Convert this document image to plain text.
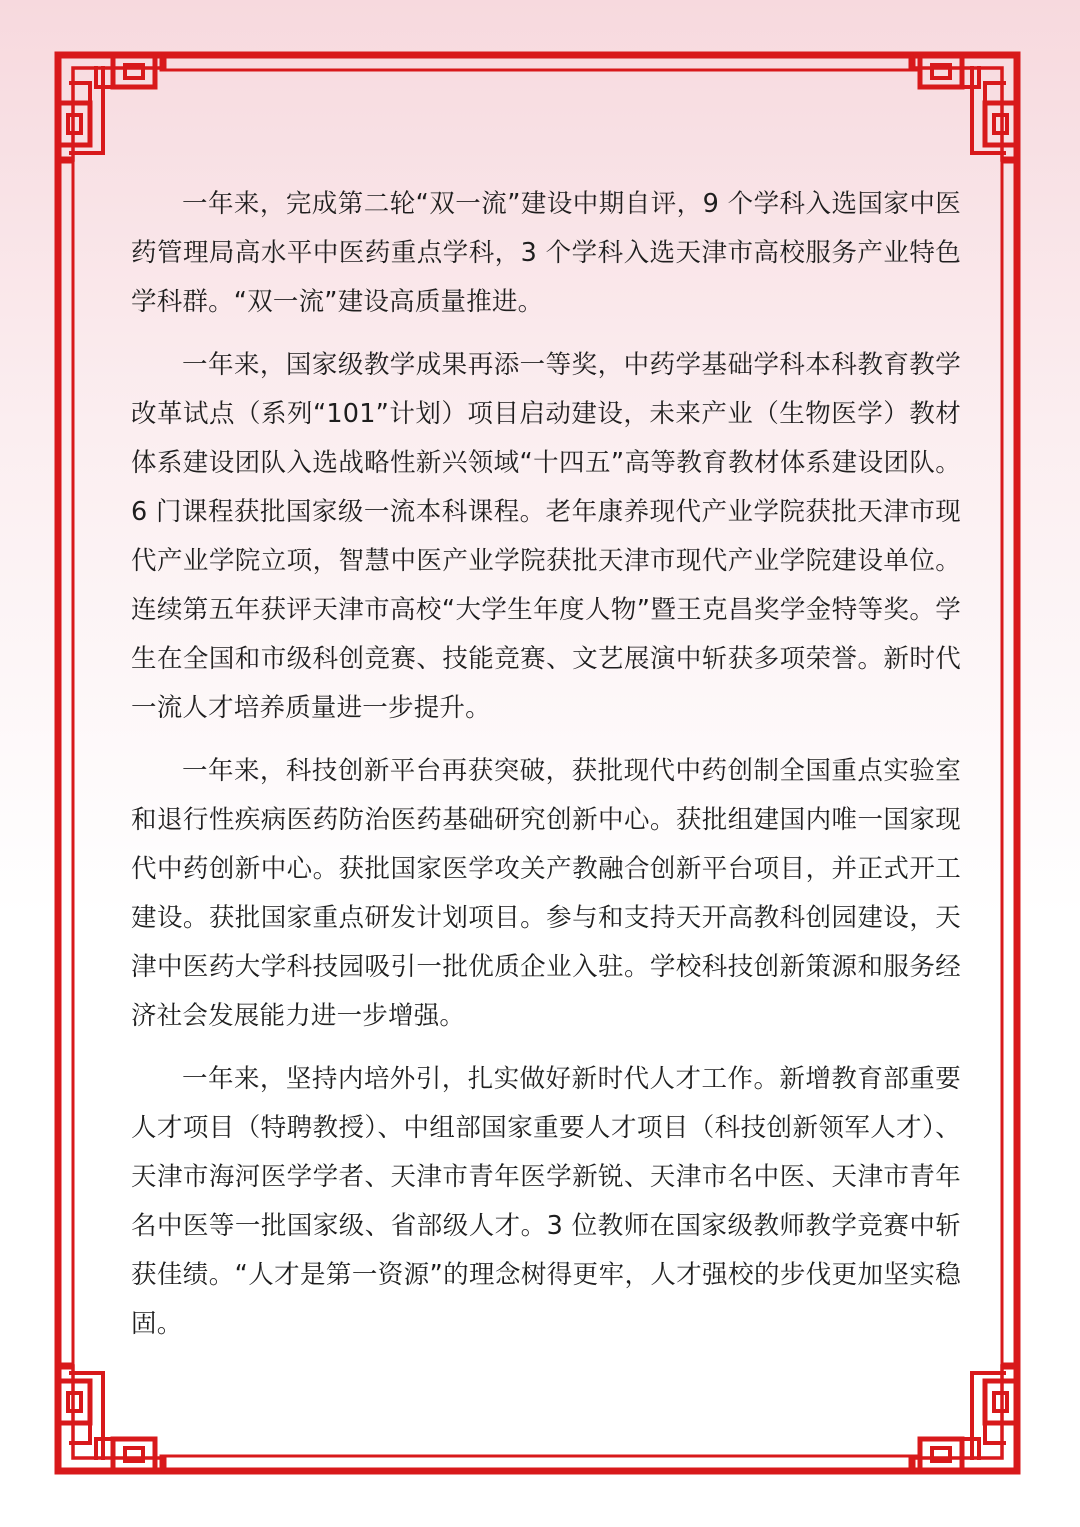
一年来，完成第二轮“双一流”建设中期自评，9 个学科入选国家中医药管理局高水平中医药重点学科，3 个学科入选天津市高校服务产业特色学科群。“双一流”建设高质量推进。

一年来，国家级教学成果再添一等奖，中药学基础学科本科教育教学改革试点（系列“101”计划）项目启动建设，未来产业（生物医学）教材体系建设团队入选战略性新兴领域“十四五”高等教育教材体系建设团队。6 门课程获批国家级一流本科课程。老年康养现代产业学院获批天津市现代产业学院立项，智慧中医产业学院获批天津市现代产业学院建设单位。连续第五年获评天津市高校“大学生年度人物”暨王克昌奖学金特等奖。学生在全国和市级科创竞赛、技能竞赛、文艺展演中斩获多项荣誉。新时代一流人才培养质量进一步提升。

一年来，科技创新平台再获突破，获批现代中药创制全国重点实验室和退行性疾病医药防治医药基础研究创新中心。获批组建国内唯一国家现代中药创新中心。获批国家医学攻关产教融合创新平台项目，并正式开工建设。获批国家重点研发计划项目。参与和支持天开高教科创园建设，天津中医药大学科技园吸引一批优质企业入驻。学校科技创新策源和服务经济社会发展能力进一步增强。

一年来，坚持内培外引，扎实做好新时代人才工作。新增教育部重要人才项目（特聘教授）、中组部国家重要人才项目（科技创新领军人才）、天津市海河医学学者、天津市青年医学新锐、天津市名中医、天津市青年名中医等一批国家级、省部级人才。3 位教师在国家级教师教学竞赛中斩获佳绩。“人才是第一资源”的理念树得更牢，人才强校的步伐更加坚实稳固。
